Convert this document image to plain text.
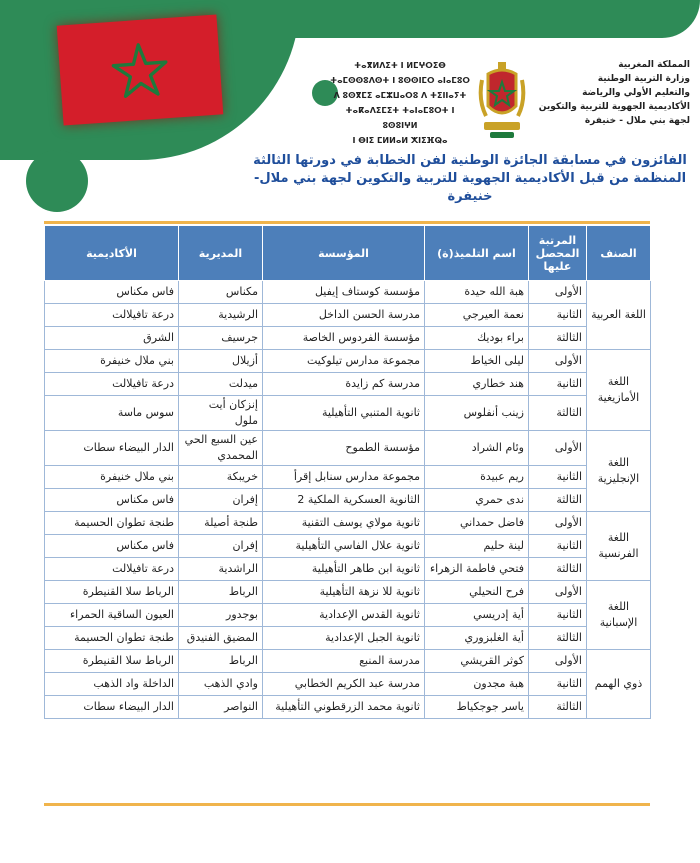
ⵜⴰⴳⵍⴷⵉⵜ ⵏ ⵍⵎⵖⵔⵉⴱ
ⵜⴰⵎⵙⵙⵓⴷⵙⵜ ⵏ ⵓⵙⵙⵏⵎⵔ ⴰⵏⴰⵎⵓⵔ
ⴷ ⵓⵙⴳⵎⵉ ⴰⵎⵣⵡⴰⵔⵓ ⴷ ⵜⵉⵏⵏⴰⵢⵜ
ⵜⴰⴽⴰⴷⵉⵎⵉⵜ ⵜⴰⵏⴰⵎⵓⵔⵜ ⵏ ⵓⵙⵓⵏⵖⵍ
ⵏ ⴱⵏⵉ ⵎⵍⵍⴰⵍ ⵅⵏⵉⴼⵕⴰ
المملكة المغربية
وزارة التربية الوطنية
والتعليم الأولي والرياضة
الأكاديمية الجهوية للتربية والتكوين
لجهة بني ملال - خنيفرة
الفائزون في مسابقة الجائزة الوطنية لفن الخطابة في دورتها الثالثة
المنظمة من قبل الأكاديمية الجهوية للتربية والتكوين لجهة بني ملال-خنيفرة
الصنف	المرتبة المحصل عليها	اسم التلميذ(ة)	المؤسسة	المديرية	الأكاديمية
اللغة العربية	الأولى	هبة الله حيدة	مؤسسة كوستاف إيفيل	مكناس	فاس مكناس
	الثانية	نعمة العيرجي	مدرسة الحسن الداخل	الرشيدية	درعة تافيلالت
	الثالثة	براء بوديك	مؤسسة الفردوس الخاصة	جرسيف	الشرق
اللغة الأمازيغية	الأولى	ليلى الخياط	مجموعة مدارس تيلوكيت	أزيلال	بني ملال خنيفرة
	الثانية	هند خطاري	مدرسة كم زايدة	ميدلت	درعة تافيلالت
	الثالثة	زينب أنفلوس	ثانوية المتنبي التأهيلية	إنزكان أيت ملول	سوس ماسة
اللغة الإنجليزية	الأولى	وئام الشراد	مؤسسة الطموح	عين السبع الحي المحمدي	الدار البيضاء سطات
	الثانية	ريم عبيدة	مجموعة مدارس سنابل إقرأ	خريبكة	بني ملال خنيفرة
	الثالثة	ندى حمري	الثانوية العسكرية الملكية 2	إفران	فاس مكناس
اللغة الفرنسية	الأولى	فاضل حمداني	ثانوية مولاي يوسف التقنية	طنجة أصيلة	طنجة تطوان الحسيمة
	الثانية	لينة حليم	ثانوية علال الفاسي التأهيلية	إفران	فاس مكناس
	الثالثة	فتحي فاطمة الزهراء	ثانوية ابن طاهر التأهيلية	الراشدية	درعة تافيلالت
اللغة الإسبانية	الأولى	فرح النحيلي	ثانوية للا نزهة التأهيلية	الرباط	الرباط سلا القنيطرة
	الثانية	أية إدريسي	ثانوية القدس الإعدادية	بوجدور	العيون الساقية الحمراء
	الثالثة	أية الغلبزوري	ثانوية الجبل الإعدادية	المضيق الفنيدق	طنجة تطوان الحسيمة
ذوي الهمم	الأولى	كوثر القريشي	مدرسة المنبع	الرباط	الرباط سلا القنيطرة
	الثانية	هبة مجدون	مدرسة عبد الكريم الخطابي	وادي الذهب	الداخلة واد الذهب
	الثالثة	ياسر جوجكياط	ثانوية محمد الزرقطوني التأهيلية	النواصر	الدار البيضاء سطات
